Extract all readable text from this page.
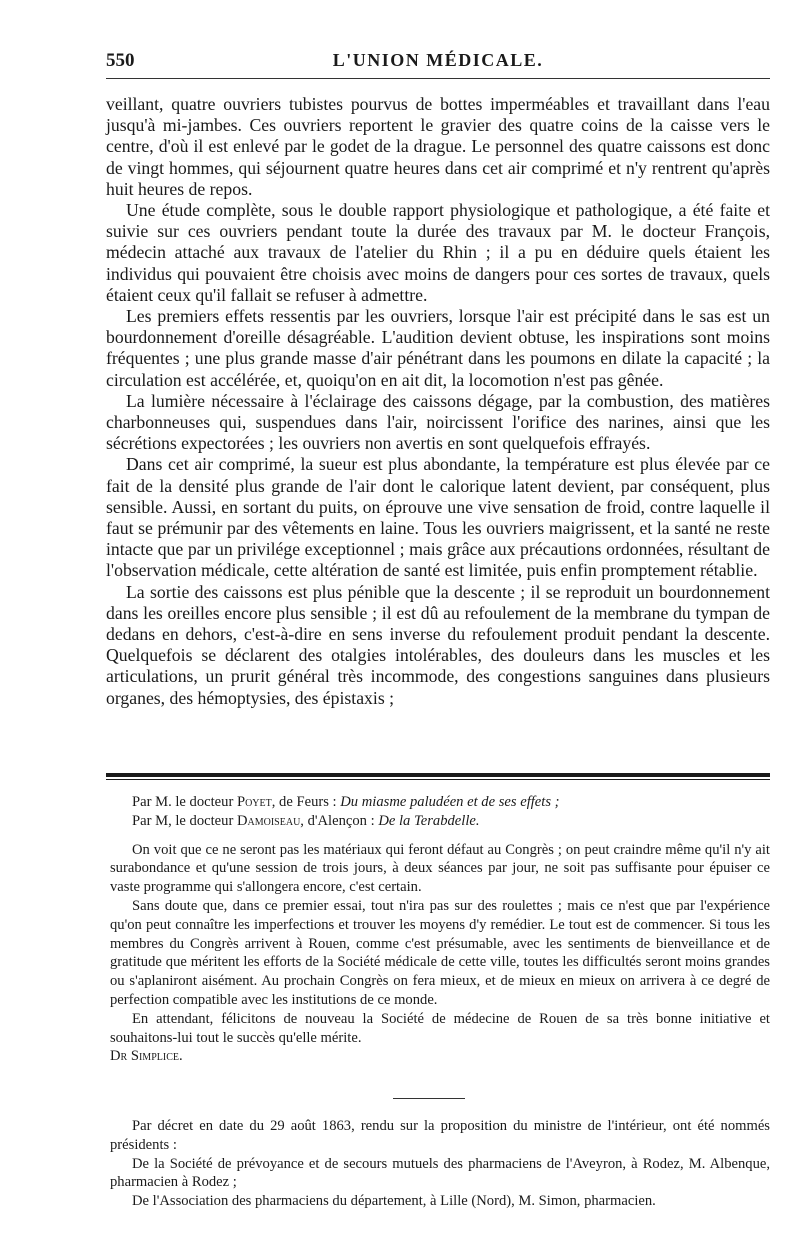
550	L'UNION MÉDICALE.

veillant, quatre ouvriers tubistes pourvus de bottes imperméables et travaillant dans l'eau jusqu'à mi-jambes. Ces ouvriers reportent le gravier des quatre coins de la caisse vers le centre, d'où il est enlevé par le godet de la drague. Le personnel des quatre caissons est donc de vingt hommes, qui séjournent quatre heures dans cet air comprimé et n'y rentrent qu'après huit heures de repos.

Une étude complète, sous le double rapport physiologique et pathologique, a été faite et suivie sur ces ouvriers pendant toute la durée des travaux par M. le docteur François, médecin attaché aux travaux de l'atelier du Rhin ; il a pu en déduire quels étaient les individus qui pouvaient être choisis avec moins de dangers pour ces sortes de travaux, quels étaient ceux qu'il fallait se refuser à admettre.

Les premiers effets ressentis par les ouvriers, lorsque l'air est précipité dans le sas est un bourdonnement d'oreille désagréable. L'audition devient obtuse, les inspirations sont moins fréquentes ; une plus grande masse d'air pénétrant dans les poumons en dilate la capacité ; la circulation est accélérée, et, quoiqu'on en ait dit, la locomotion n'est pas gênée.

La lumière nécessaire à l'éclairage des caissons dégage, par la combustion, des matières charbonneuses qui, suspendues dans l'air, noircissent l'orifice des narines, ainsi que les sécrétions expectorées ; les ouvriers non avertis en sont quelquefois effrayés.

Dans cet air comprimé, la sueur est plus abondante, la température est plus élevée par ce fait de la densité plus grande de l'air dont le calorique latent devient, par conséquent, plus sensible. Aussi, en sortant du puits, on éprouve une vive sensation de froid, contre laquelle il faut se prémunir par des vêtements en laine. Tous les ouvriers maigrissent, et la santé ne reste intacte que par un privilége exceptionnel ; mais grâce aux précautions ordonnées, résultant de l'observation médicale, cette altération de santé est limitée, puis enfin promptement rétablie.

La sortie des caissons est plus pénible que la descente ; il se reproduit un bourdonnement dans les oreilles encore plus sensible ; il est dû au refoulement de la membrane du tympan de dedans en dehors, c'est-à-dire en sens inverse du refoulement produit pendant la descente. Quelquefois se déclarent des otalgies intolérables, des douleurs dans les muscles et les articulations, un prurit général très incommode, des congestions sanguines dans plusieurs organes, des hémoptysies, des épistaxis ;

Par M. le docteur Poyet, de Feurs : Du miasme paludéen et de ses effets ;

Par M, le docteur Damoiseau, d'Alençon : De la Terabdelle.

On voit que ce ne seront pas les matériaux qui feront défaut au Congrès ; on peut craindre même qu'il n'y ait surabondance et qu'une session de trois jours, à deux séances par jour, ne soit pas suffisante pour épuiser ce vaste programme qui s'allongera encore, c'est certain.

Sans doute que, dans ce premier essai, tout n'ira pas sur des roulettes ; mais ce n'est que par l'expérience qu'on peut connaître les imperfections et trouver les moyens d'y remédier. Le tout est de commencer. Si tous les membres du Congrès arrivent à Rouen, comme c'est présumable, avec les sentiments de bienveillance et de gratitude que méritent les efforts de la Société médicale de cette ville, toutes les difficultés seront moins grandes ou s'aplaniront aisément. Au prochain Congrès on fera mieux, et de mieux en mieux on arrivera à ce degré de perfection compatible avec les institutions de ce monde.

En attendant, félicitons de nouveau la Société de médecine de Rouen de sa très bonne initiative et souhaitons-lui tout le succès qu'elle mérite.

Dr Simplice.

Par décret en date du 29 août 1863, rendu sur la proposition du ministre de l'intérieur, ont été nommés présidents :

De la Société de prévoyance et de secours mutuels des pharmaciens de l'Aveyron, à Rodez, M. Albenque, pharmacien à Rodez ;

De l'Association des pharmaciens du département, à Lille (Nord), M. Simon, pharmacien.
